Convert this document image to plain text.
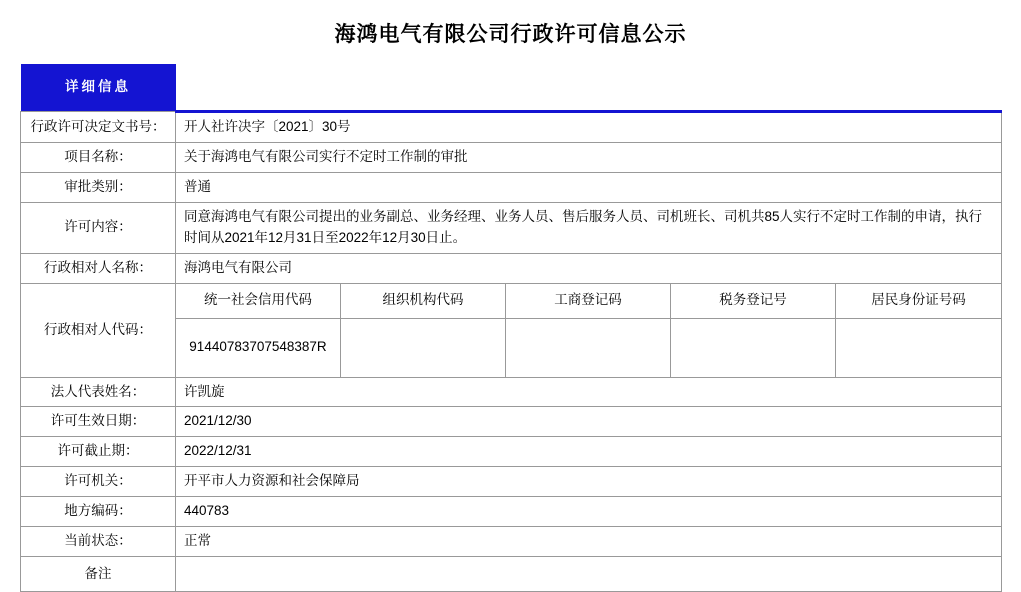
海鸿电气有限公司行政许可信息公示
详细信息					
行政许可决定文书号：	开人社许决字〔2021〕30号				
项目名称：	关于海鸿电气有限公司实行不定时工作制的审批				
审批类别：	普通				
许可内容：	同意海鸿电气有限公司提出的业务副总、业务经理、业务人员、售后服务人员、司机班长、司机共85人实行不定时工作制的申请，执行时间从2021年12月31日至2022年12月30日止。				
行政相对人名称：	海鸿电气有限公司				
行政相对人代码：	统一社会信用代码	组织机构代码	工商登记码	税务登记号	居民身份证号码
	91440783707548387R				
法人代表姓名：	许凯旋				
许可生效日期：	2021/12/30				
许可截止期：	2022/12/31				
许可机关：	开平市人力资源和社会保障局				
地方编码：	440783				
当前状态：	正常				
备注					
